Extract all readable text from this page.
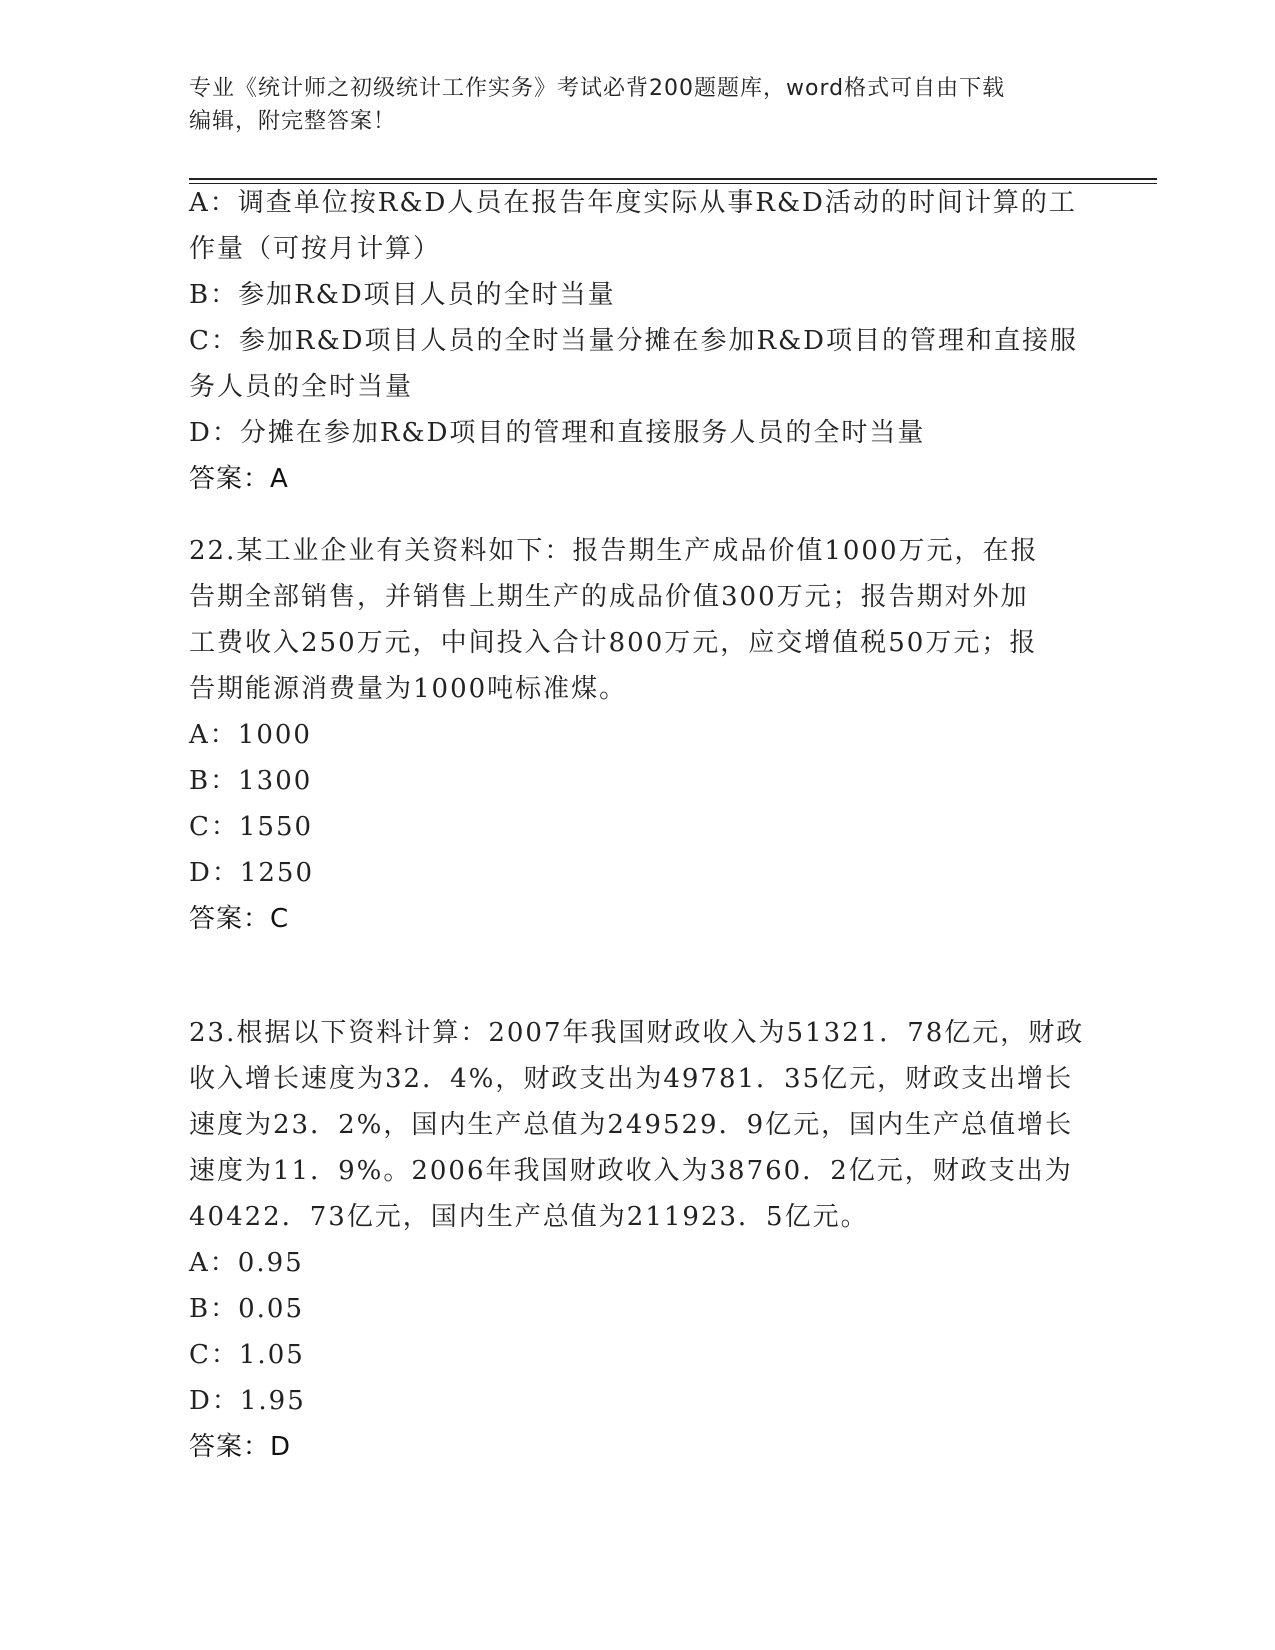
专业《统计师之初级统计工作实务》考试必背200题题库，word格式可自由下载
编辑，附完整答案！
A：调查单位按R&D人员在报告年度实际从事R&D活动的时间计算的工
作量（可按月计算）
B：参加R&D项目人员的全时当量
C：参加R&D项目人员的全时当量分摊在参加R&D项目的管理和直接服
务人员的全时当量
D：分摊在参加R&D项目的管理和直接服务人员的全时当量
答案：A
22.某工业企业有关资料如下：报告期生产成品价值1000万元，在报
告期全部销售，并销售上期生产的成品价值300万元；报告期对外加
工费收入250万元，中间投入合计800万元，应交增值税50万元；报
告期能源消费量为1000吨标准煤。
A：1000
B：1300
C：1550
D：1250
答案：C
23.根据以下资料计算：2007年我国财政收入为51321．78亿元，财政
收入增长速度为32．4%，财政支出为49781．35亿元，财政支出增长
速度为23．2%，国内生产总值为249529．9亿元，国内生产总值增长
速度为11．9%。2006年我国财政收入为38760．2亿元，财政支出为
40422．73亿元，国内生产总值为211923．5亿元。
A：0.95
B：0.05
C：1.05
D：1.95
答案：D
